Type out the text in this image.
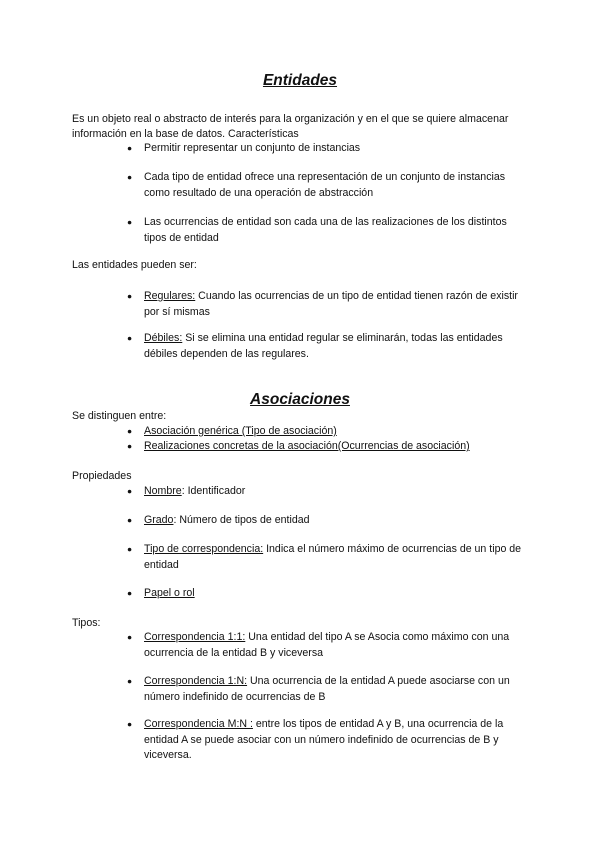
Entidades

Es un objeto real o abstracto de interés para la organización y en el que se quiere almacenar información en la base de datos. Características

● Permitir representar un conjunto de instancias
● Cada tipo de entidad ofrece una representación de un conjunto de instancias como resultado de una operación de abstracción
● Las ocurrencias de entidad son cada una de las realizaciones de los distintos tipos de entidad

Las entidades pueden ser:

● Regulares: Cuando las ocurrencias de un tipo de entidad tienen razón de existir por sí mismas
● Débiles: Si se elimina una entidad regular se eliminarán, todas las entidades débiles dependen de las regulares.
Asociaciones

Se distinguen entre:

● Asociación genérica (Tipo de asociación)
● Realizaciones concretas de la asociación(Ocurrencias de asociación)

Propiedades

● Nombre: Identificador
● Grado: Número de tipos de entidad
● Tipo de correspondencia: Indica el número máximo de ocurrencias de un tipo de entidad
● Papel o rol

Tipos:

● Correspondencia 1:1: Una entidad del tipo A se Asocia como máximo con una ocurrencia de la entidad B y viceversa
● Correspondencia 1:N: Una ocurrencia de la entidad A puede asociarse con un número indefinido de ocurrencias de B
● Correspondencia M:N : entre los tipos de entidad A y B, una ocurrencia de la entidad A se puede asociar con un número indefinido de ocurrencias de B y viceversa.
